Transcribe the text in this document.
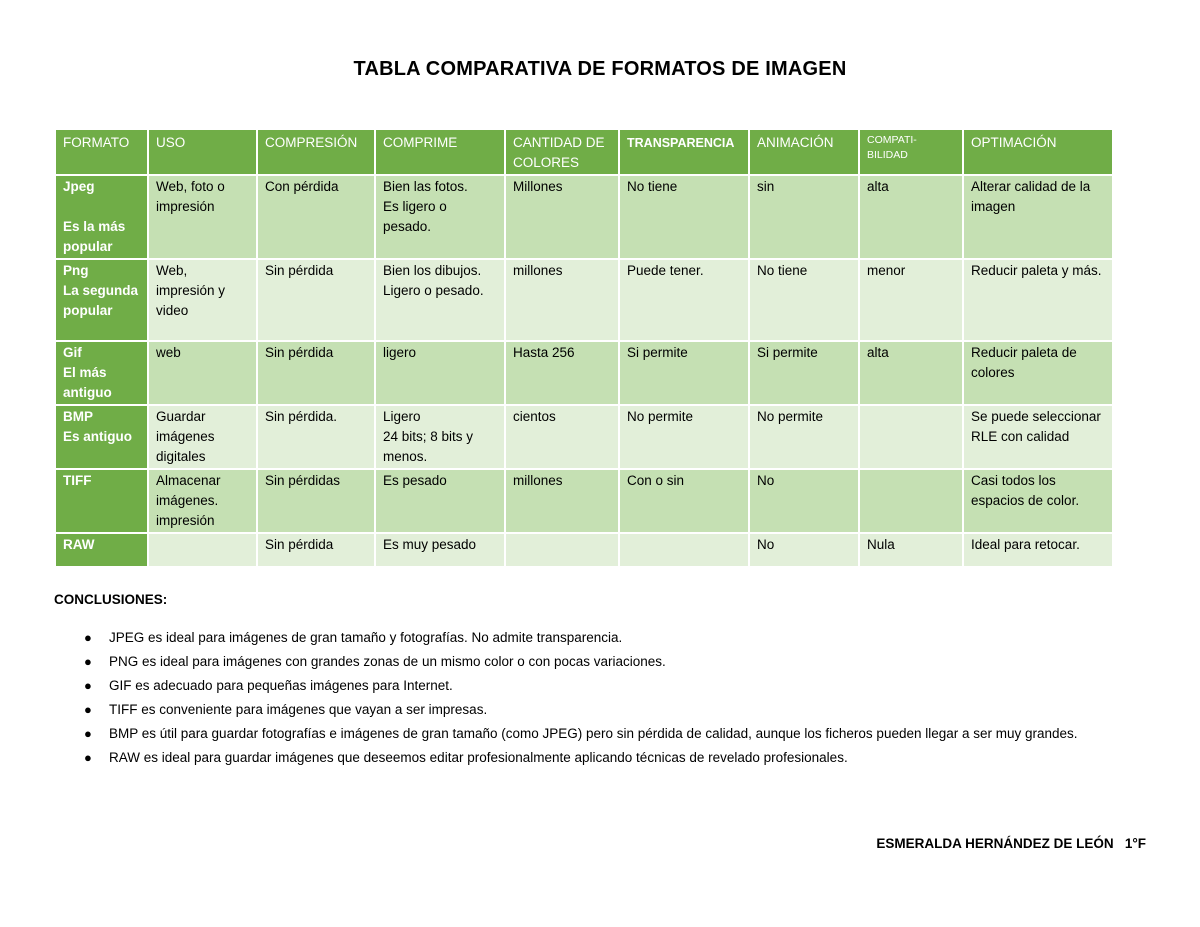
TABLA COMPARATIVA DE FORMATOS DE IMAGEN
FORMATO	USO	COMPRESIÓN	COMPRIME	CANTIDAD DE COLORES	TRANSPARENCIA	ANIMACIÓN	COMPATI-
BILIDAD	OPTIMACIÓN
Jpeg

Es la más popular	Web, foto o impresión	Con pérdida	Bien las fotos.
Es ligero o pesado.	Millones	No tiene	sin	alta	Alterar calidad de la imagen
Png
La segunda popular	Web, impresión y video	Sin pérdida	Bien los dibujos.
Ligero o pesado.	millones	Puede tener.	No tiene	menor	Reducir paleta y más.
Gif
El más antiguo	web	Sin pérdida	ligero	Hasta 256	Si permite	Si permite	alta	Reducir paleta de colores
BMP
Es antiguo	Guardar imágenes digitales	Sin pérdida.	Ligero
24 bits; 8 bits y menos.	cientos	No permite	No permite		Se puede seleccionar RLE con calidad
TIFF	Almacenar imágenes. impresión	Sin pérdidas	Es pesado	millones	Con o sin	No		Casi todos los espacios de color.
RAW		Sin pérdida	Es muy pesado			No	Nula	Ideal para retocar.
CONCLUSIONES:
● JPEG es ideal para imágenes de gran tamaño y fotografías. No admite transparencia.
● PNG es ideal para imágenes con grandes zonas de un mismo color o con pocas variaciones.
● GIF es adecuado para pequeñas imágenes para Internet.
● TIFF es conveniente para imágenes que vayan a ser impresas.
● BMP es útil para guardar fotografías e imágenes de gran tamaño (como JPEG) pero sin pérdida de calidad, aunque los ficheros pueden llegar a ser muy grandes.
● RAW es ideal para guardar imágenes que deseemos editar profesionalmente aplicando técnicas de revelado profesionales.
ESMERALDA HERNÁNDEZ DE LEÓN   1°F
